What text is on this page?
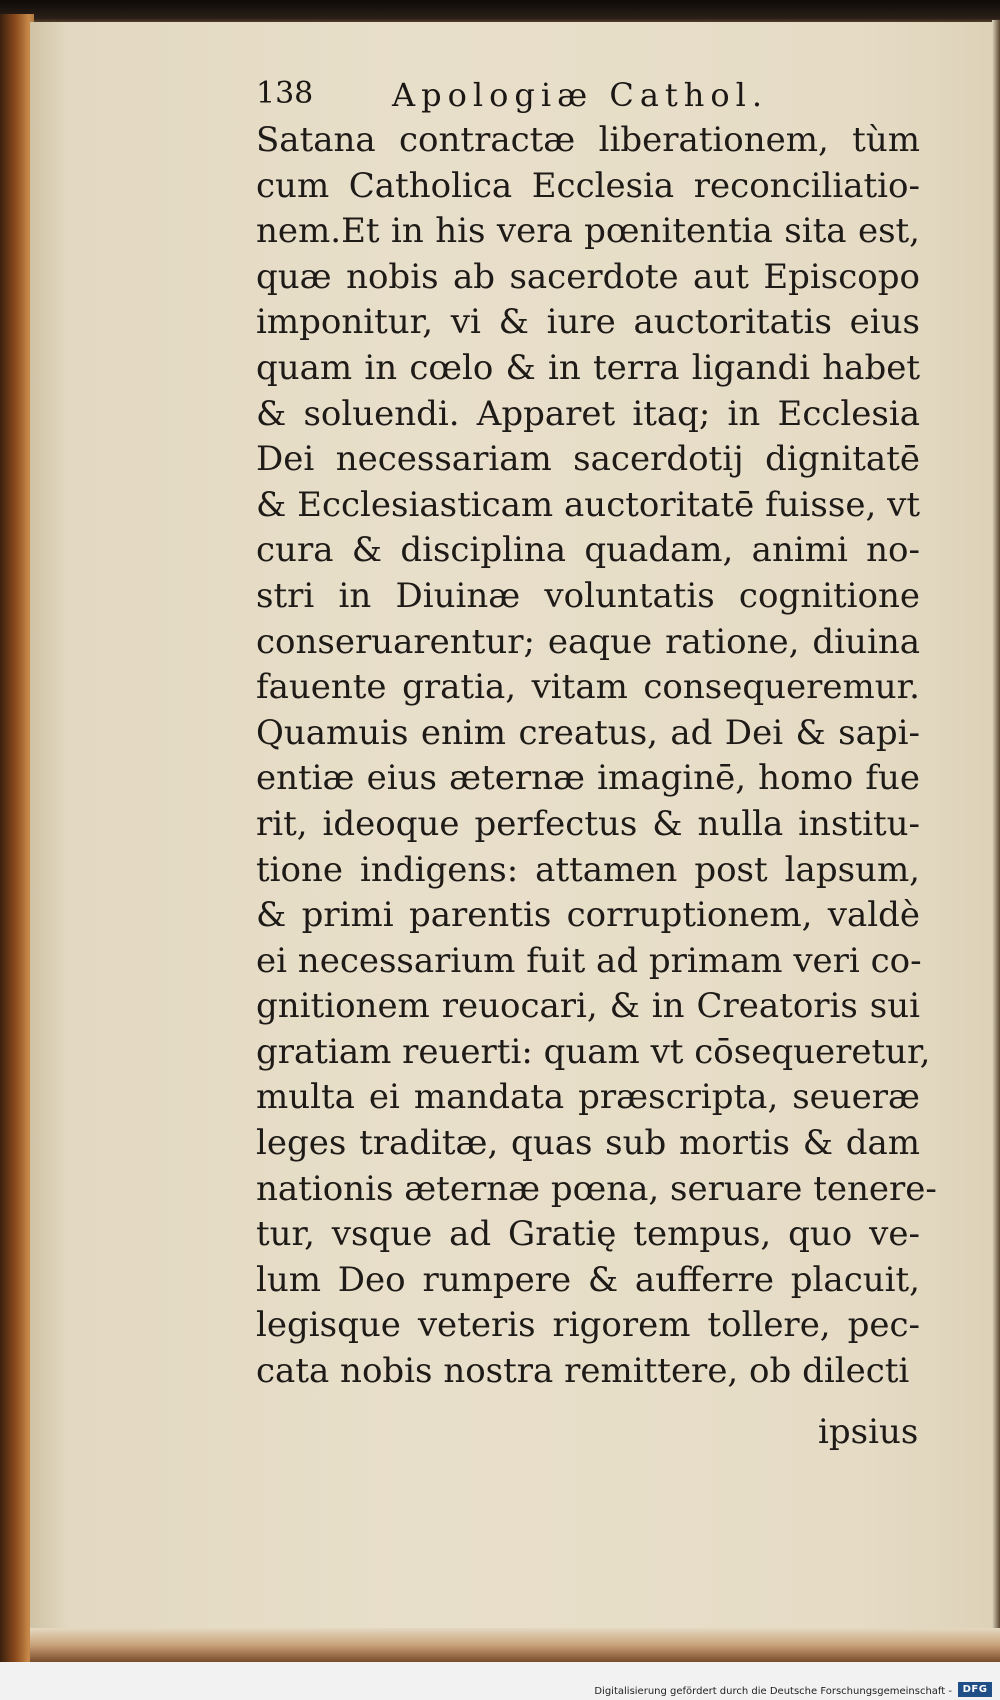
138 Apologiæ Cathol.
Satana contractæ liberationem, tùm
cum Catholica Ecclesia reconciliatio-
nem.Et in his vera pœnitentia sita est,
quæ nobis ab sacerdote aut Episcopo
imponitur, vi & iure auctoritatis eius
quam in cœlo & in terra ligandi habet
& soluendi. Apparet itaq; in Ecclesia
Dei necessariam sacerdotij dignitatē
& Ecclesiasticam auctoritatē fuisse, vt
cura & disciplina quadam, animi no-
stri in Diuinæ voluntatis cognitione
conseruarentur; eaque ratione, diuina
fauente gratia, vitam consequeremur.
Quamuis enim creatus, ad Dei & sapi-
entiæ eius æternæ imaginē, homo fue
rit, ideoque perfectus & nulla institu-
tione indigens: attamen post lapsum,
& primi parentis corruptionem, valdè
ei necessarium fuit ad primam veri co-
gnitionem reuocari, & in Creatoris sui
gratiam reuerti: quam vt cōsequeretur,
multa ei mandata præscripta, seueræ
leges traditæ, quas sub mortis & dam
nationis æternæ pœna, seruare tenere-
tur, vsque ad Gratię tempus, quo ve-
lum Deo rumpere & aufferre placuit,
legisque veteris rigorem tollere, pec-
cata nobis nostra remittere, ob dilecti
ipsius
Digitalisierung gefördert durch die Deutsche Forschungsgemeinschaft -	DFG
